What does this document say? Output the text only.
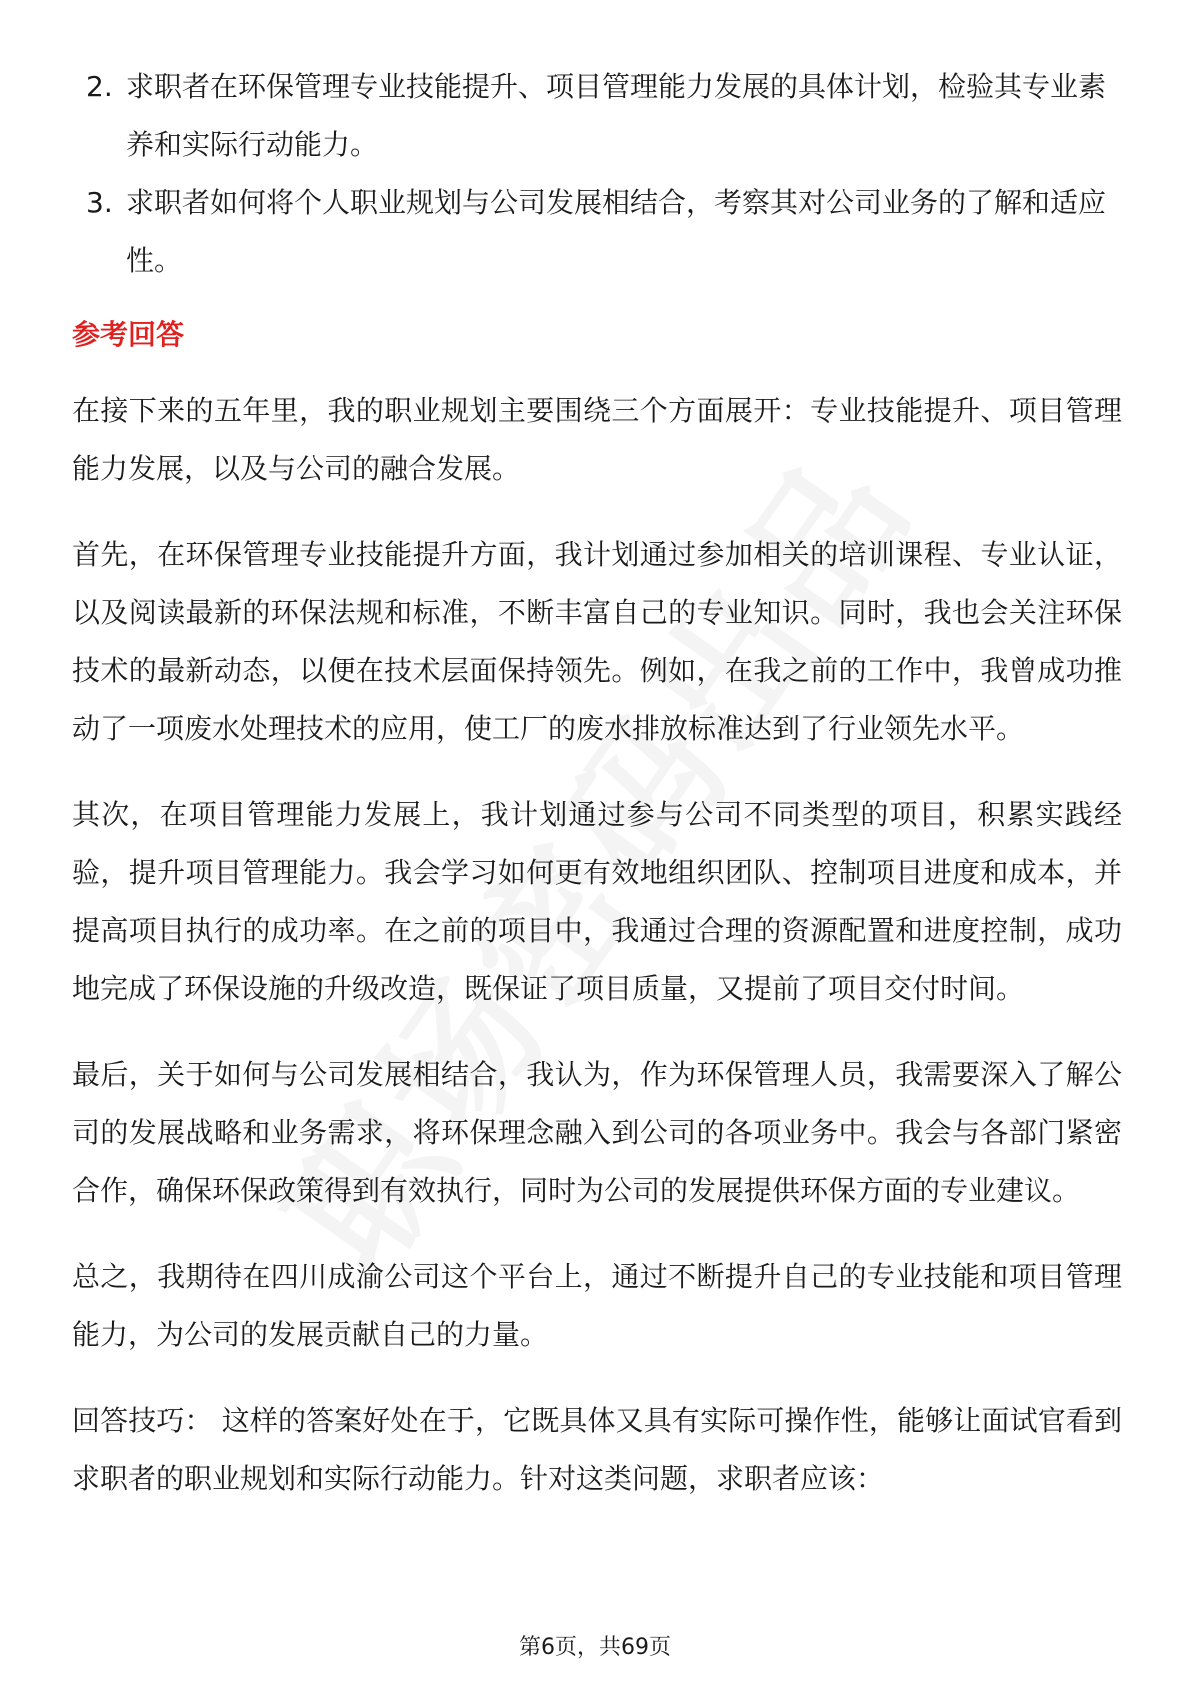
2. 求职者在环保管理专业技能提升、项目管理能力发展的具体计划，检验其专业素养和实际行动能力。
3. 求职者如何将个人职业规划与公司发展相结合，考察其对公司业务的了解和适应性。
参考回答

在接下来的五年里，我的职业规划主要围绕三个方面展开：专业技能提升、项目管理能力发展，以及与公司的融合发展。

首先，在环保管理专业技能提升方面，我计划通过参加相关的培训课程、专业认证，以及阅读最新的环保法规和标准，不断丰富自己的专业知识。同时，我也会关注环保技术的最新动态，以便在技术层面保持领先。例如，在我之前的工作中，我曾成功推动了一项废水处理技术的应用，使工厂的废水排放标准达到了行业领先水平。

其次，在项目管理能力发展上，我计划通过参与公司不同类型的项目，积累实践经验，提升项目管理能力。我会学习如何更有效地组织团队、控制项目进度和成本，并提高项目执行的成功率。在之前的项目中，我通过合理的资源配置和进度控制，成功地完成了环保设施的升级改造，既保证了项目质量，又提前了项目交付时间。

最后，关于如何与公司发展相结合，我认为，作为环保管理人员，我需要深入了解公司的发展战略和业务需求，将环保理念融入到公司的各项业务中。我会与各部门紧密合作，确保环保政策得到有效执行，同时为公司的发展提供环保方面的专业建议。

总之，我期待在四川成渝公司这个平台上，通过不断提升自己的专业技能和项目管理能力，为公司的发展贡献自己的力量。

回答技巧： 这样的答案好处在于，它既具体又具有实际可操作性，能够让面试官看到求职者的职业规划和实际行动能力。针对这类问题，求职者应该：

第6页，共69页
